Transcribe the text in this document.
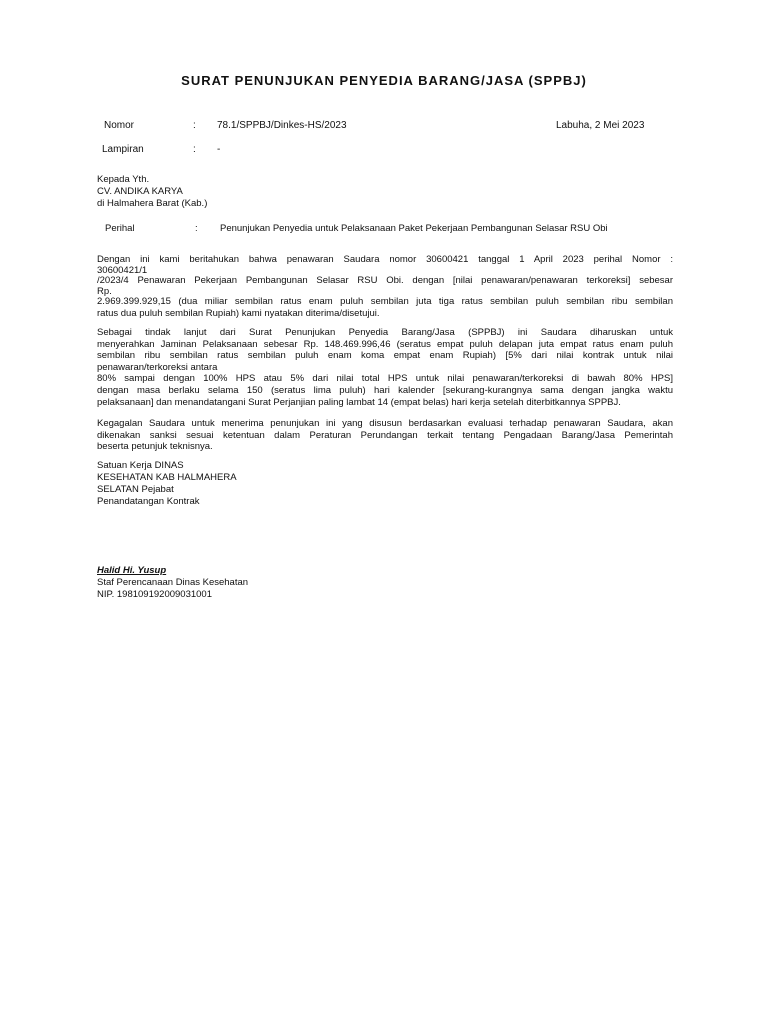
SURAT PENUNJUKAN PENYEDIA BARANG/JASA (SPPBJ)
Nomor	: 78.1/SPPBJ/Dinkes-HS/2023	Labuha, 2 Mei 2023
Lampiran	: -
Kepada Yth.
CV. ANDIKA KARYA
di Halmahera Barat (Kab.)
Perihal	: Penunjukan Penyedia untuk Pelaksanaan Paket Pekerjaan Pembangunan Selasar RSU Obi
Dengan ini kami beritahukan bahwa penawaran Saudara nomor 30600421 tanggal 1 April 2023 perihal Nomor :
30600421/1
/2023/4 Penawaran Pekerjaan Pembangunan Selasar RSU Obi. dengan [nilai penawaran/penawaran terkoreksi] sebesar
Rp.
2.969.399.929,15 (dua miliar sembilan ratus enam puluh sembilan juta tiga ratus sembilan puluh sembilan ribu sembilan
ratus dua puluh sembilan Rupiah) kami nyatakan diterima/disetujui.
Sebagai tindak lanjut dari Surat Penunjukan Penyedia Barang/Jasa (SPPBJ) ini Saudara diharuskan untuk
menyerahkan Jaminan Pelaksanaan sebesar Rp. 148.469.996,46 (seratus empat puluh delapan juta empat ratus enam puluh
sembilan ribu sembilan ratus sembilan puluh enam koma empat enam Rupiah) [5% dari nilai kontrak untuk nilai
penawaran/terkoreksi antara
80% sampai dengan 100% HPS atau 5% dari nilai total HPS untuk nilai penawaran/terkoreksi di bawah 80% HPS]
dengan masa berlaku selama 150 (seratus lima puluh) hari kalender [sekurang-kurangnya sama dengan jangka waktu
pelaksanaan] dan menandatangani Surat Perjanjian paling lambat 14 (empat belas) hari kerja setelah diterbitkannya SPPBJ.
Kegagalan Saudara untuk menerima penunjukan ini yang disusun berdasarkan evaluasi terhadap penawaran Saudara, akan
dikenakan sanksi sesuai ketentuan dalam Peraturan Perundangan terkait tentang Pengadaan Barang/Jasa Pemerintah
beserta petunjuk teknisnya.
Satuan Kerja DINAS
KESEHATAN KAB HALMAHERA
SELATAN Pejabat
Penandatangan Kontrak
Halid Hi. Yusup
Staf Perencanaan Dinas Kesehatan
NIP. 198109192009031001
